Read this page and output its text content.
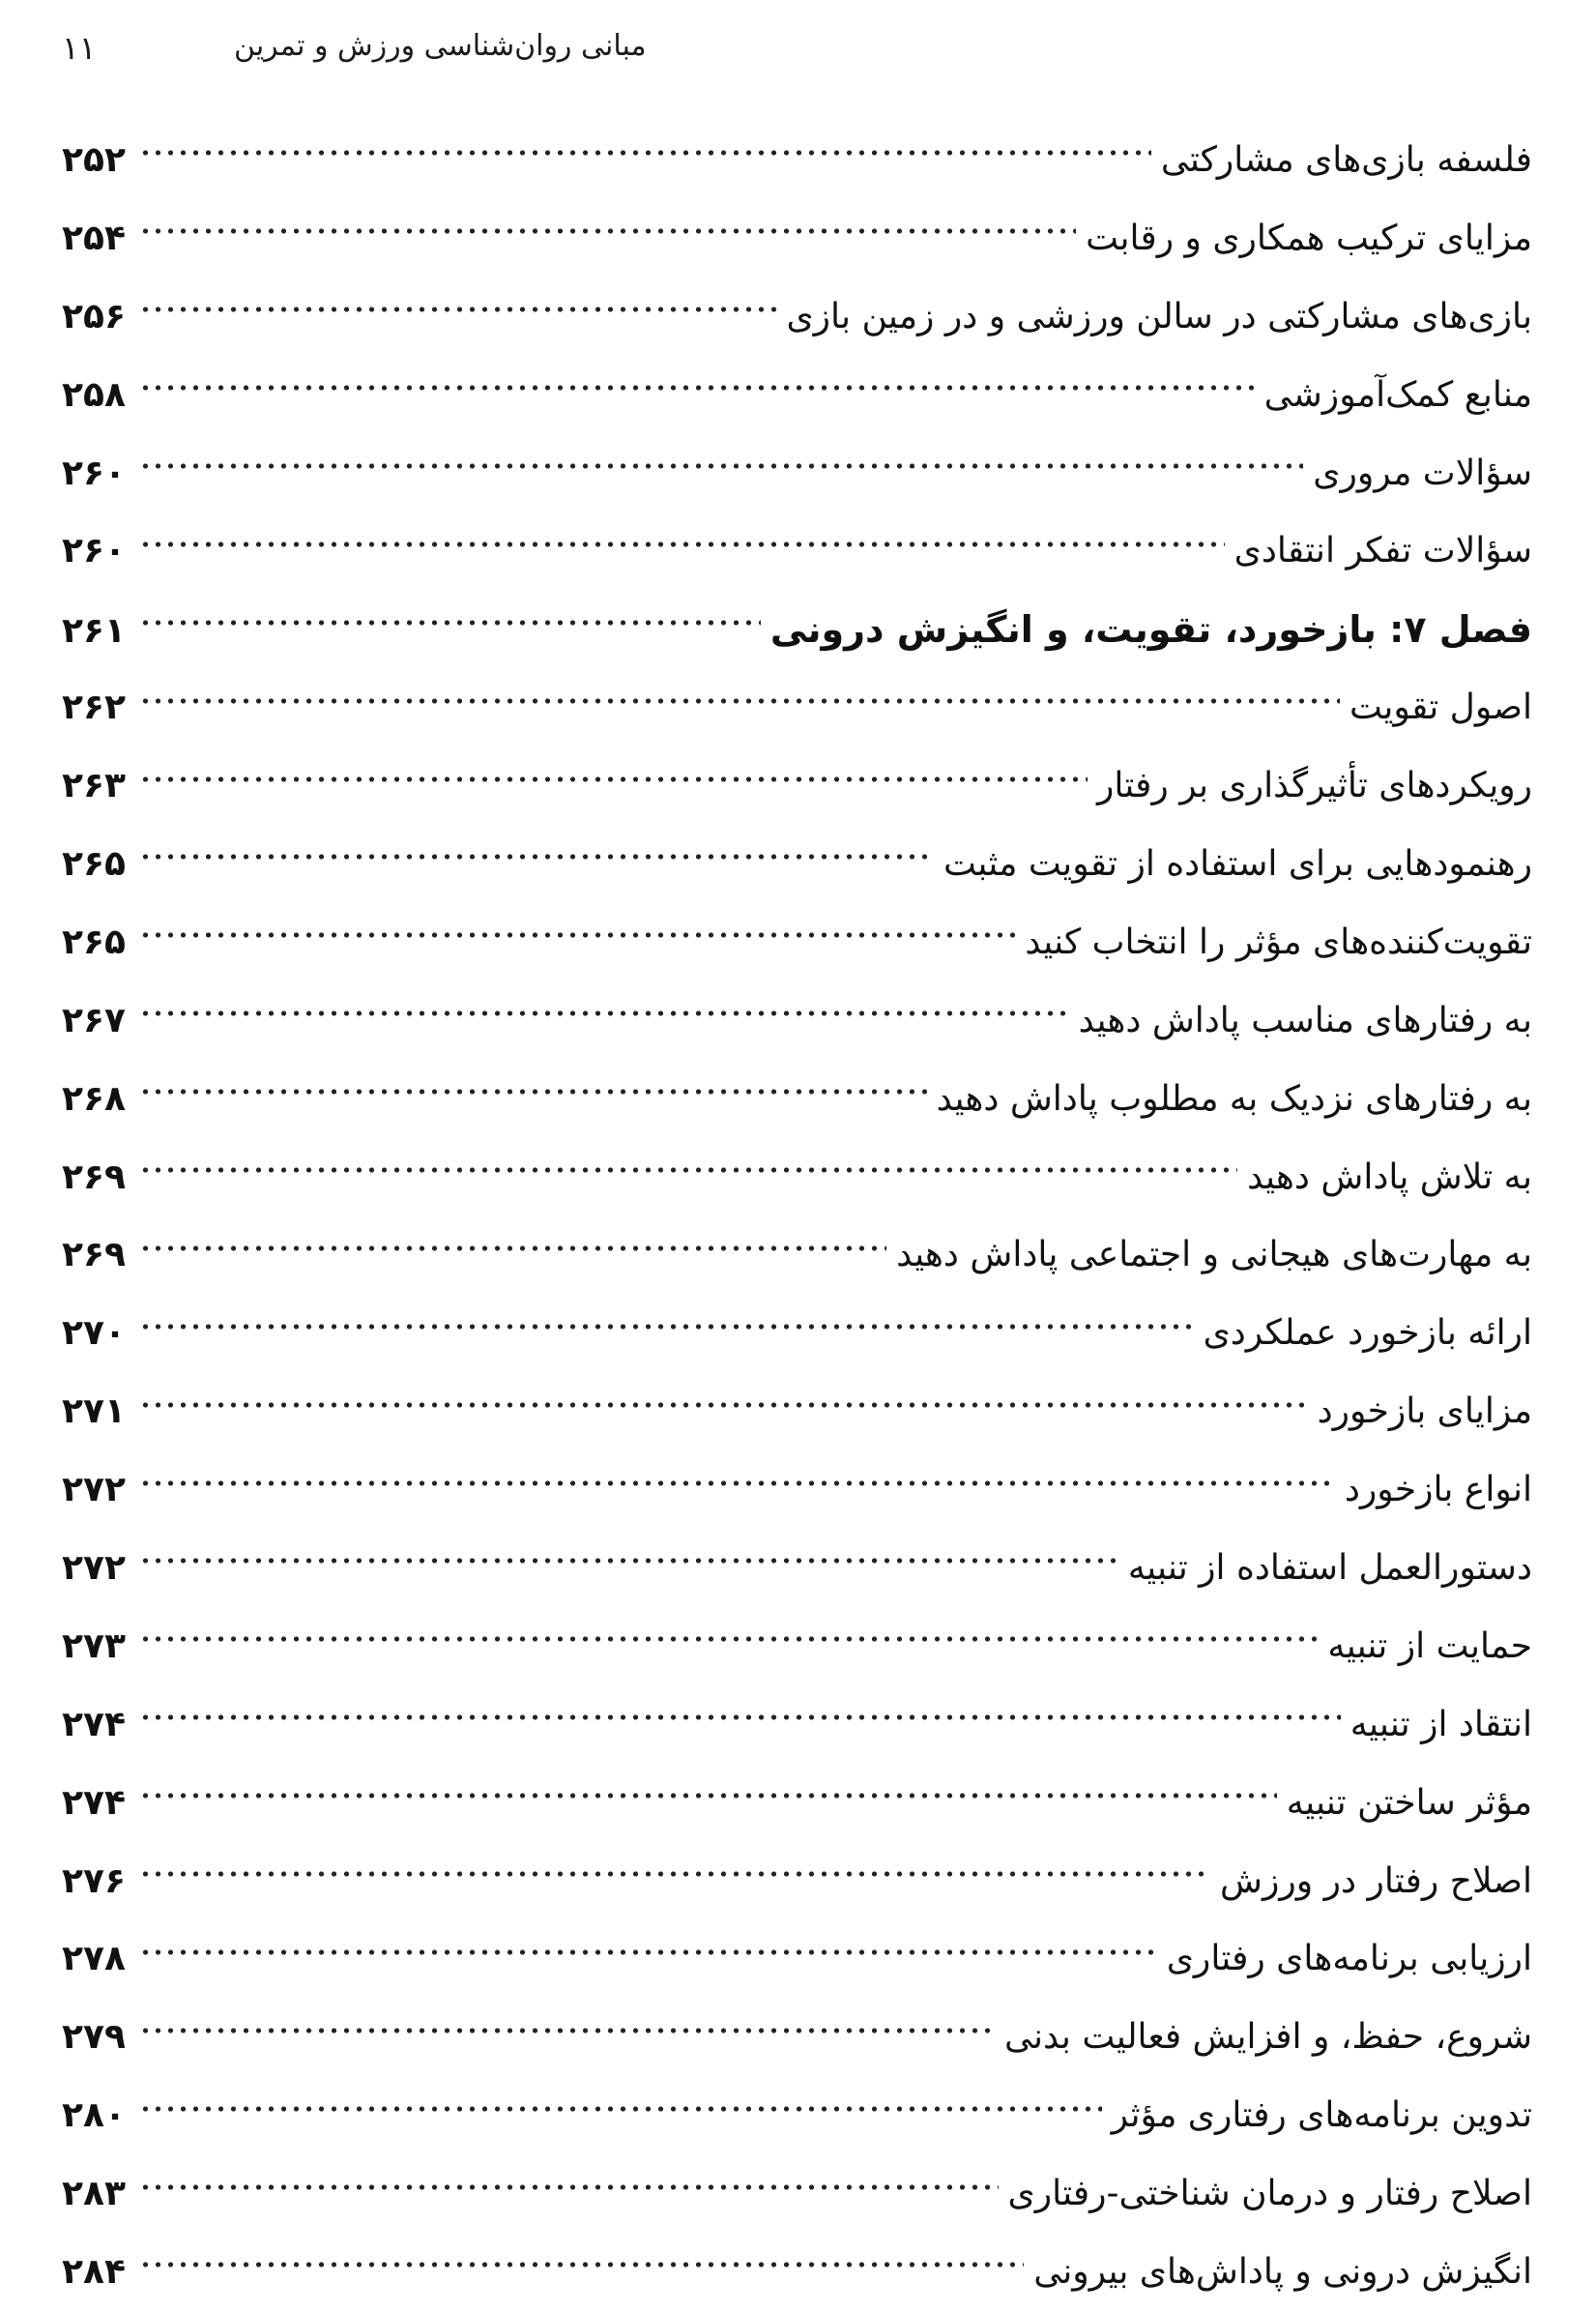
۱۱	مبانی روان‌شناسی ورزش و تمرین
فلسفه بازی‌های مشارکتی
۲۵۲
مزایای ترکیب همکاری و رقابت
۲۵۴
بازی‌های مشارکتی در سالن ورزشی و در زمین بازی
۲۵۶
منابع کمک‌آموزشی
۲۵۸
سؤالات مروری
۲۶۰
سؤالات تفکر انتقادی
۲۶۰
فصل ۷: بازخورد، تقویت، و انگیزش درونی
۲۶۱
اصول تقویت
۲۶۲
رویکردهای تأثیرگذاری بر رفتار
۲۶۳
رهنمودهایی برای استفاده از تقویت مثبت
۲۶۵
تقویت‌کننده‌های مؤثر را انتخاب کنید
۲۶۵
به رفتارهای مناسب پاداش دهید
۲۶۷
به رفتارهای نزدیک به مطلوب پاداش دهید
۲۶۸
به تلاش پاداش دهید
۲۶۹
به مهارت‌های هیجانی و اجتماعی پاداش دهید
۲۶۹
ارائه بازخورد عملکردی
۲۷۰
مزایای بازخورد
۲۷۱
انواع بازخورد
۲۷۲
دستورالعمل استفاده از تنبیه
۲۷۲
حمایت از تنبیه
۲۷۳
انتقاد از تنبیه
۲۷۴
مؤثر ساختن تنبیه
۲۷۴
اصلاح رفتار در ورزش
۲۷۶
ارزیابی برنامه‌های رفتاری
۲۷۸
شروع، حفظ، و افزایش فعالیت بدنی
۲۷۹
تدوین برنامه‌های رفتاری مؤثر
۲۸۰
اصلاح رفتار و درمان شناختی-رفتاری
۲۸۳
انگیزش درونی و پاداش‌های بیرونی
۲۸۴
